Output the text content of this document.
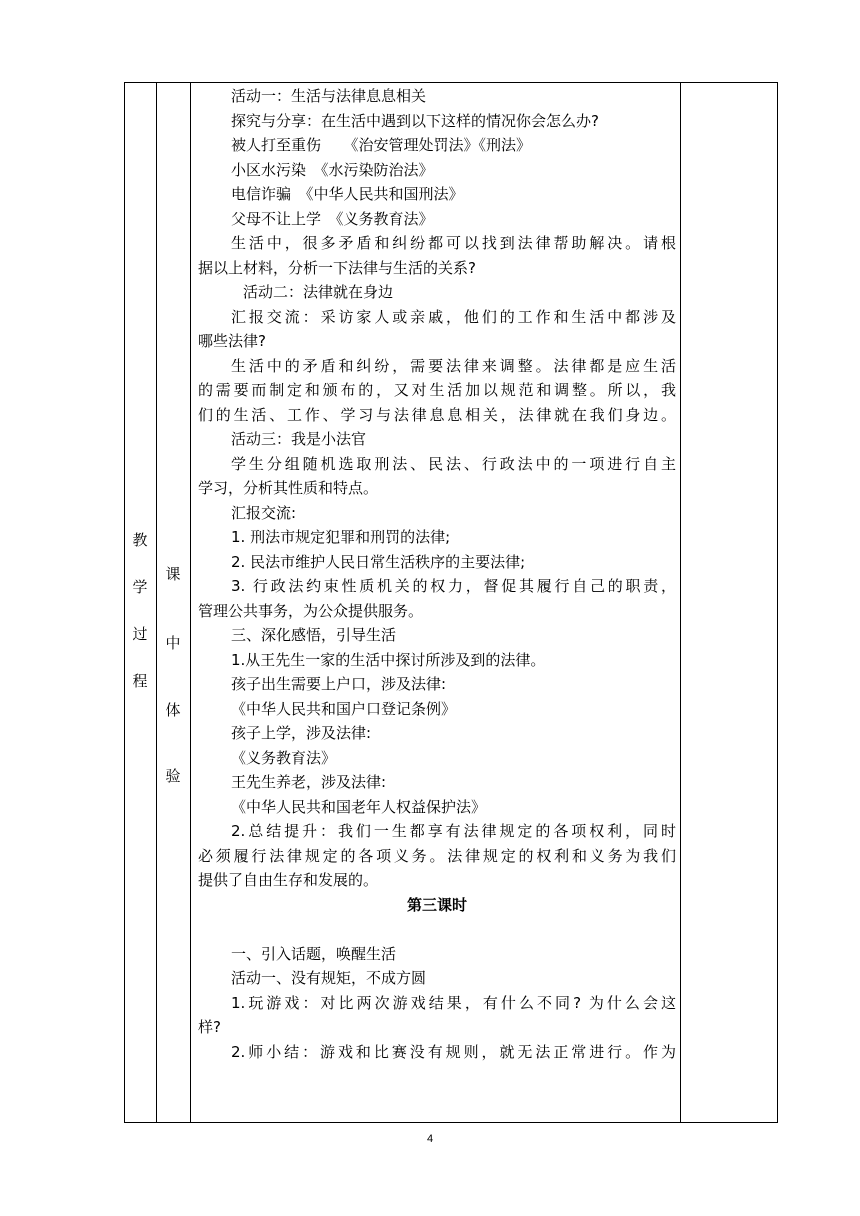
教
学
过
程
课
中
体
验
活动一：生活与法律息息相关
探究与分享：在生活中遇到以下这样的情况你会怎么办?
被人打至重伤　　《治安管理处罚法》《刑法》
小区水污染　《水污染防治法》
电信诈骗　《中华人民共和国刑法》
父母不让上学　《义务教育法》
生活中，很多矛盾和纠纷都可以找到法律帮助解决。请根
据以上材料，分析一下法律与生活的关系?
活动二：法律就在身边
汇报交流：采访家人或亲戚，他们的工作和生活中都涉及
哪些法律?
生活中的矛盾和纠纷，需要法律来调整。法律都是应生活
的需要而制定和颁布的，又对生活加以规范和调整。所以，我
们的生活、工作、学习与法律息息相关，法律就在我们身边。
活动三：我是小法官
学生分组随机选取刑法、民法、行政法中的一项进行自主
学习，分析其性质和特点。
汇报交流:
1. 刑法市规定犯罪和刑罚的法律;
2. 民法市维护人民日常生活秩序的主要法律;
3. 行政法约束性质机关的权力，督促其履行自己的职责，
管理公共事务，为公众提供服务。
三、深化感悟，引导生活
1.从王先生一家的生活中探讨所涉及到的法律。
孩子出生需要上户口，涉及法律:
《中华人民共和国户口登记条例》
孩子上学，涉及法律:
《义务教育法》
王先生养老，涉及法律:
《中华人民共和国老年人权益保护法》
2.总结提升：我们一生都享有法律规定的各项权利，同时
必须履行法律规定的各项义务。法律规定的权利和义务为我们
提供了自由生存和发展的。
第三课时
一、引入话题，唤醒生活
活动一、没有规矩，不成方圆
1.玩游戏：对比两次游戏结果，有什么不同? 为什么会这
样?
2.师小结：游戏和比赛没有规则，就无法正常进行。作为
4
